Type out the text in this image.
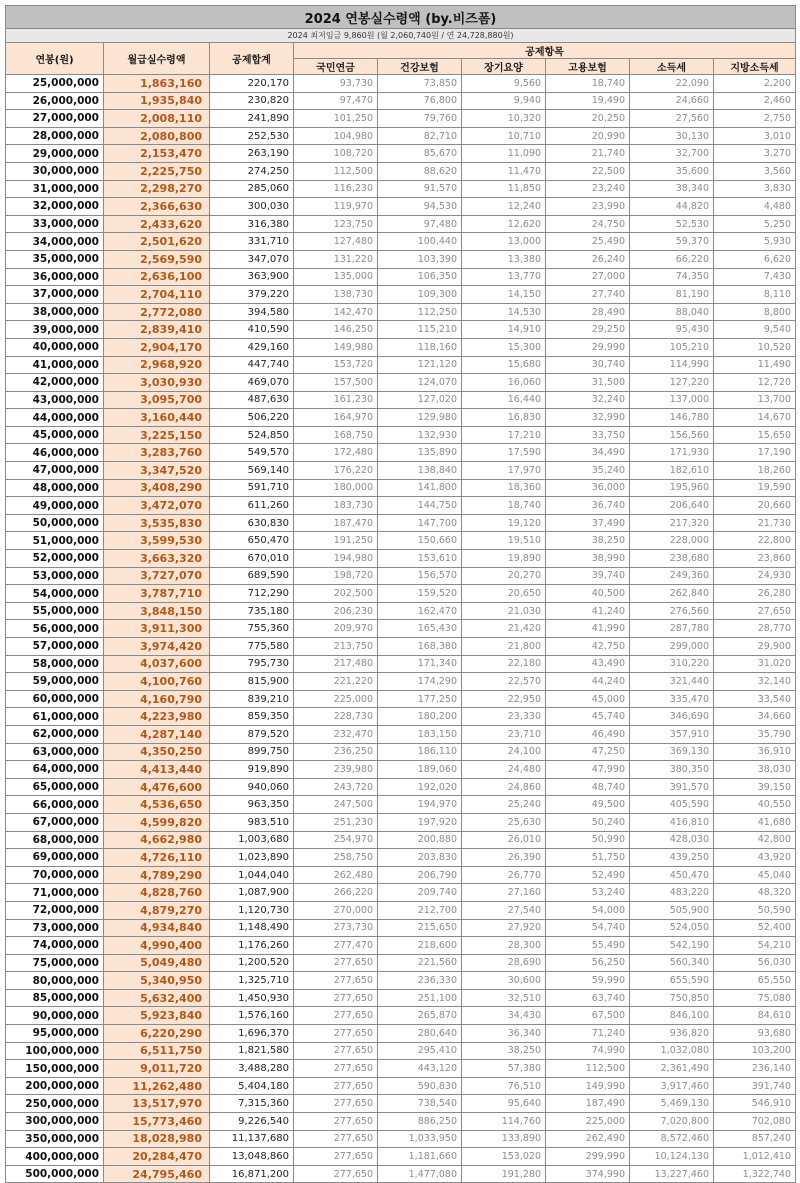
2024 연봉실수령액 (by.비즈폼)								
2024 최저임금 9,860원 (월 2,060,740원 / 연 24,728,880원)								
연봉(원)	월급실수령액	공제합계	공제항목					
			국민연금	건강보험	장기요양	고용보험	소득세	지방소득세
25,000,000	1,863,160	220,170	93,730	73,850	9,560	18,740	22,090	2,200
26,000,000	1,935,840	230,820	97,470	76,800	9,940	19,490	24,660	2,460
27,000,000	2,008,110	241,890	101,250	79,760	10,320	20,250	27,560	2,750
28,000,000	2,080,800	252,530	104,980	82,710	10,710	20,990	30,130	3,010
29,000,000	2,153,470	263,190	108,720	85,670	11,090	21,740	32,700	3,270
30,000,000	2,225,750	274,250	112,500	88,620	11,470	22,500	35,600	3,560
31,000,000	2,298,270	285,060	116,230	91,570	11,850	23,240	38,340	3,830
32,000,000	2,366,630	300,030	119,970	94,530	12,240	23,990	44,820	4,480
33,000,000	2,433,620	316,380	123,750	97,480	12,620	24,750	52,530	5,250
34,000,000	2,501,620	331,710	127,480	100,440	13,000	25,490	59,370	5,930
35,000,000	2,569,590	347,070	131,220	103,390	13,380	26,240	66,220	6,620
36,000,000	2,636,100	363,900	135,000	106,350	13,770	27,000	74,350	7,430
37,000,000	2,704,110	379,220	138,730	109,300	14,150	27,740	81,190	8,110
38,000,000	2,772,080	394,580	142,470	112,250	14,530	28,490	88,040	8,800
39,000,000	2,839,410	410,590	146,250	115,210	14,910	29,250	95,430	9,540
40,000,000	2,904,170	429,160	149,980	118,160	15,300	29,990	105,210	10,520
41,000,000	2,968,920	447,740	153,720	121,120	15,680	30,740	114,990	11,490
42,000,000	3,030,930	469,070	157,500	124,070	16,060	31,500	127,220	12,720
43,000,000	3,095,700	487,630	161,230	127,020	16,440	32,240	137,000	13,700
44,000,000	3,160,440	506,220	164,970	129,980	16,830	32,990	146,780	14,670
45,000,000	3,225,150	524,850	168,750	132,930	17,210	33,750	156,560	15,650
46,000,000	3,283,760	549,570	172,480	135,890	17,590	34,490	171,930	17,190
47,000,000	3,347,520	569,140	176,220	138,840	17,970	35,240	182,610	18,260
48,000,000	3,408,290	591,710	180,000	141,800	18,360	36,000	195,960	19,590
49,000,000	3,472,070	611,260	183,730	144,750	18,740	36,740	206,640	20,660
50,000,000	3,535,830	630,830	187,470	147,700	19,120	37,490	217,320	21,730
51,000,000	3,599,530	650,470	191,250	150,660	19,510	38,250	228,000	22,800
52,000,000	3,663,320	670,010	194,980	153,610	19,890	38,990	238,680	23,860
53,000,000	3,727,070	689,590	198,720	156,570	20,270	39,740	249,360	24,930
54,000,000	3,787,710	712,290	202,500	159,520	20,650	40,500	262,840	26,280
55,000,000	3,848,150	735,180	206,230	162,470	21,030	41,240	276,560	27,650
56,000,000	3,911,300	755,360	209,970	165,430	21,420	41,990	287,780	28,770
57,000,000	3,974,420	775,580	213,750	168,380	21,800	42,750	299,000	29,900
58,000,000	4,037,600	795,730	217,480	171,340	22,180	43,490	310,220	31,020
59,000,000	4,100,760	815,900	221,220	174,290	22,570	44,240	321,440	32,140
60,000,000	4,160,790	839,210	225,000	177,250	22,950	45,000	335,470	33,540
61,000,000	4,223,980	859,350	228,730	180,200	23,330	45,740	346,690	34,660
62,000,000	4,287,140	879,520	232,470	183,150	23,710	46,490	357,910	35,790
63,000,000	4,350,250	899,750	236,250	186,110	24,100	47,250	369,130	36,910
64,000,000	4,413,440	919,890	239,980	189,060	24,480	47,990	380,350	38,030
65,000,000	4,476,600	940,060	243,720	192,020	24,860	48,740	391,570	39,150
66,000,000	4,536,650	963,350	247,500	194,970	25,240	49,500	405,590	40,550
67,000,000	4,599,820	983,510	251,230	197,920	25,630	50,240	416,810	41,680
68,000,000	4,662,980	1,003,680	254,970	200,880	26,010	50,990	428,030	42,800
69,000,000	4,726,110	1,023,890	258,750	203,830	26,390	51,750	439,250	43,920
70,000,000	4,789,290	1,044,040	262,480	206,790	26,770	52,490	450,470	45,040
71,000,000	4,828,760	1,087,900	266,220	209,740	27,160	53,240	483,220	48,320
72,000,000	4,879,270	1,120,730	270,000	212,700	27,540	54,000	505,900	50,590
73,000,000	4,934,840	1,148,490	273,730	215,650	27,920	54,740	524,050	52,400
74,000,000	4,990,400	1,176,260	277,470	218,600	28,300	55,490	542,190	54,210
75,000,000	5,049,480	1,200,520	277,650	221,560	28,690	56,250	560,340	56,030
80,000,000	5,340,950	1,325,710	277,650	236,330	30,600	59,990	655,590	65,550
85,000,000	5,632,400	1,450,930	277,650	251,100	32,510	63,740	750,850	75,080
90,000,000	5,923,840	1,576,160	277,650	265,870	34,430	67,500	846,100	84,610
95,000,000	6,220,290	1,696,370	277,650	280,640	36,340	71,240	936,820	93,680
100,000,000	6,511,750	1,821,580	277,650	295,410	38,250	74,990	1,032,080	103,200
150,000,000	9,011,720	3,488,280	277,650	443,120	57,380	112,500	2,361,490	236,140
200,000,000	11,262,480	5,404,180	277,650	590,830	76,510	149,990	3,917,460	391,740
250,000,000	13,517,970	7,315,360	277,650	738,540	95,640	187,490	5,469,130	546,910
300,000,000	15,773,460	9,226,540	277,650	886,250	114,760	225,000	7,020,800	702,080
350,000,000	18,028,980	11,137,680	277,650	1,033,950	133,890	262,490	8,572,460	857,240
400,000,000	20,284,470	13,048,860	277,650	1,181,660	153,020	299,990	10,124,130	1,012,410
500,000,000	24,795,460	16,871,200	277,650	1,477,080	191,280	374,990	13,227,460	1,322,740
